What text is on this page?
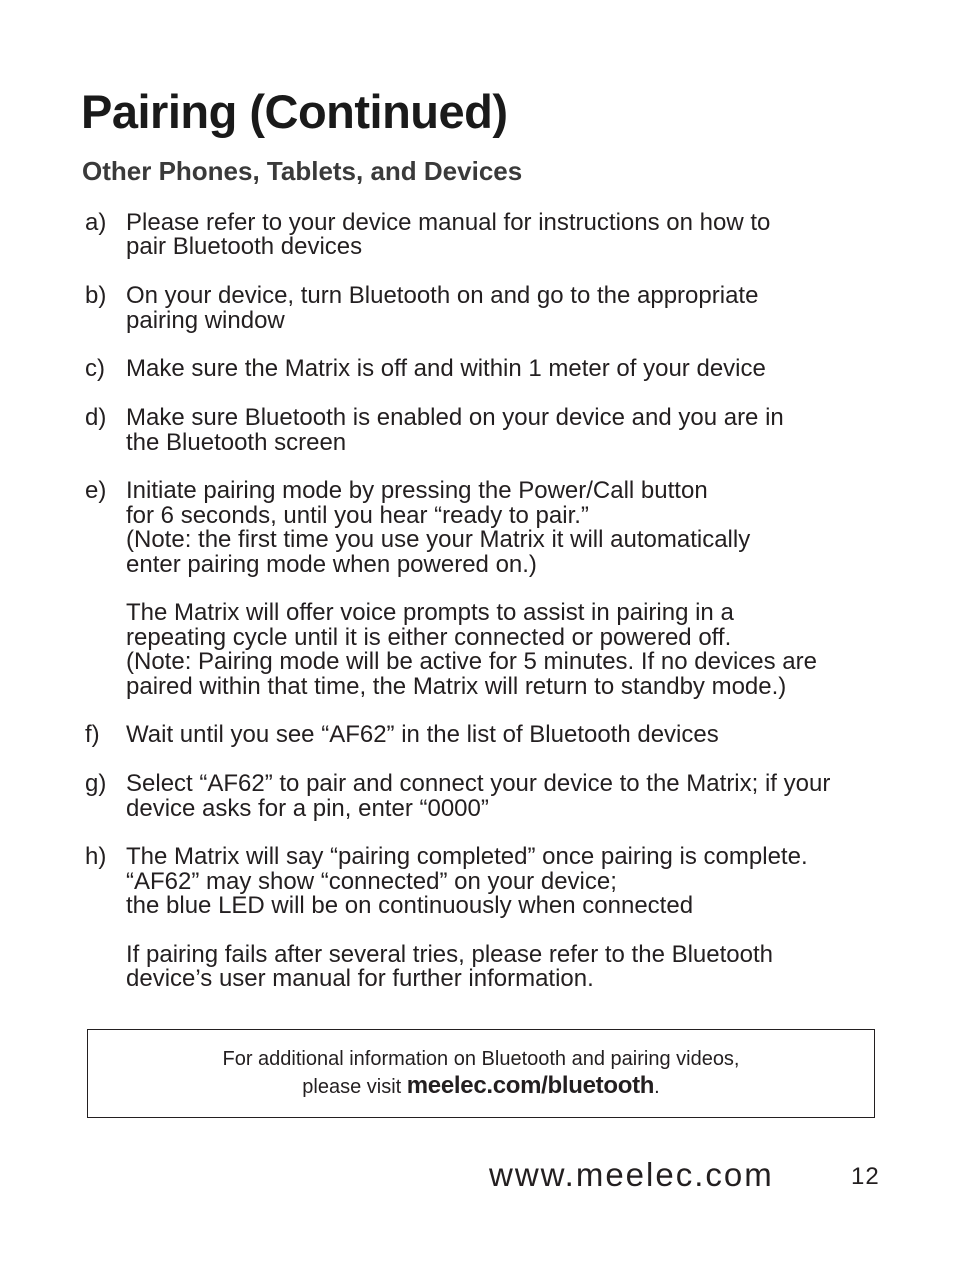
Pairing (Continued)
Other Phones, Tablets, and Devices
a) Please refer to your device manual for instructions on how to
pair Bluetooth devices
b) On your device, turn Bluetooth on and go to the appropriate
pairing window
c) Make sure the Matrix is off and within 1 meter of your device
d) Make sure Bluetooth is enabled on your device and you are in
the Bluetooth screen
e) Initiate pairing mode by pressing the Power/Call button
for 6 seconds, until you hear “ready to pair.”
(Note: the first time you use your Matrix it will automatically
enter pairing mode when powered on.)
The Matrix will offer voice prompts to assist in pairing in a
repeating cycle until it is either connected or powered off.
(Note: Pairing mode will be active for 5 minutes. If no devices are
paired within that time, the Matrix will return to standby mode.)
f)	Wait until you see “AF62” in the list of Bluetooth devices
g) Select “AF62” to pair and connect your device to the Matrix; if your
device asks for a pin, enter “0000”
h) The Matrix will say “pairing completed” once pairing is complete.
“AF62” may show “connected” on your device;
the blue LED will be on continuously when connected
If pairing fails after several tries, please refer to the Bluetooth
device’s user manual for further information.
For additional information on Bluetooth and pairing videos,
please visit meelec.com/bluetooth.
www.meelec.com	12
